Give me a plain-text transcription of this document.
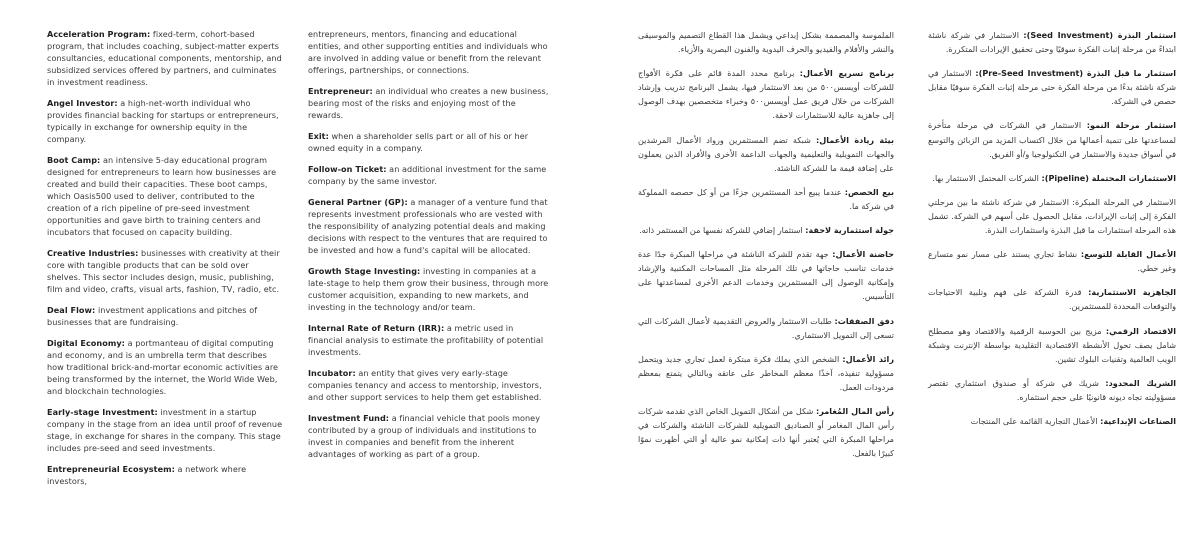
Acceleration Program: fixed-term, cohort-based program, that includes coaching, subject-matter experts consultancies, educational components, mentorship, and subsidized services offered by partners, and culminates in investment readiness.

Angel Investor: a high-net-worth individual who provides financial backing for startups or entrepreneurs, typically in exchange for ownership equity in the company.

Boot Camp: an intensive 5-day educational program designed for entrepreneurs to learn how businesses are created and build their capacities. These boot camps, which Oasis500 used to deliver, contributed to the creation of a rich pipeline of pre-seed investment opportunities and gave birth to training centers and incubators that focused on capacity building.

Creative Industries: businesses with creativity at their core with tangible products that can be sold over shelves. This sector includes design, music, publishing, film and video, crafts, visual arts, fashion, TV, radio, etc.

Deal Flow: investment applications and pitches of businesses that are fundraising.

Digital Economy: a portmanteau of digital computing and economy, and is an umbrella term that describes how traditional brick-and-mortar economic activities are being transformed by the internet, the World Wide Web, and blockchain technologies.

Early-stage Investment: investment in a startup company in the stage from an idea until proof of revenue stage, in exchange for shares in the company. This stage includes pre-seed and seed investments.

Entrepreneurial Ecosystem: a network where investors,

entrepreneurs, mentors, financing and educational entities, and other supporting entities and individuals who are involved in adding value or benefit from the relevant offerings, partnerships, or connections.

Entrepreneur: an individual who creates a new business, bearing most of the risks and enjoying most of the rewards.

Exit: when a shareholder sells part or all of his or her owned equity in a company.

Follow-on Ticket: an additional investment for the same company by the same investor.

General Partner (GP): a manager of a venture fund that represents investment professionals who are vested with the responsibility of analyzing potential deals and making decisions with respect to the ventures that are required to be invested and how a fund's capital will be allocated.

Growth Stage Investing: investing in companies at a late-stage to help them grow their business, through more customer acquisition, expanding to new markets, and investing in the technology and/or team.

Internal Rate of Return (IRR): a metric used in financial analysis to estimate the profitability of potential investments.

Incubator: an entity that gives very early-stage companies tenancy and access to mentorship, investors, and other support services to help them get established.

Investment Fund: a financial vehicle that pools money contributed by a group of individuals and institutions to invest in companies and benefit from the inherent advantages of working as part of a group.

الملموسة والمصممة بشكل إبداعي ويشمل هذا القطاع التصميم والموسيقى والنشر والأفلام والفيديو والحرف اليدوية والفنون البصرية والأزياء.

برنامج تسريع الأعمال: برنامج محدد المدة قائم على فكرة الأفواج للشركات أويسس٥٠٠ من بعد الاستثمار فيها، يشمل البرنامج تدريب وإرشاد الشركات من خلال فريق عمل أويسس٥٠٠ وخبراء متخصصين بهدف الوصول إلى جاهزية عالية للاستثمارات لاحقة.

بيئة ريادة الأعمال: شبكة تضم المستثمرين ورواد الأعمال المرشدين والجهات التمويلية والتعليمية والجهات الداعمة الأخرى والأفراد الذين يعملون على إضافة قيمة ما للشركة الناشئة.

بيع الحصص: عندما يبيع أحد المستثمرين جزءًا من أو كل حصصه المملوكة في شركة ما.

جولة استثمارية لاحقة: استثمار إضافي للشركة نفسها من المستثمر ذاته.

حاضنة الأعمال: جهة تقدم للشركة الناشئة في مراحلها المبكرة جدًا عدة خدمات تناسب حاجاتها في تلك المرحلة مثل المساحات المكتبية والإرشاد وإمكانية الوصول إلى المستثمرين وخدمات الدعم الأخرى لمساعدتها على التأسيس.

دفق الصفقات: طلبات الاستثمار والعروض التقديمية لأعمال الشركات التي تسعى إلى التمويل الاستثماري.

رائد الأعمال: الشخص الذي يملك فكرة مبتكرة لعمل تجاري جديد ويتحمل مسؤولية تنفيذه، آخذًا معظم المخاطر على عاتقه وبالتالي يتمتع بمعظم مردودات العمل.

رأس المال المُغامر: شكل من أشكال التمويل الخاص الذي تقدمه شركات رأس المال المغامر أو الصناديق التمويلية للشركات الناشئة والشركات في مراحلها المبكرة التي يُعتبر أنها ذات إمكانية نمو عالية أو التي أظهرت نموًا كبيرًا بالفعل.

استثمار البذرة (Seed Investment): الاستثمار في شركة ناشئة ابتداءً من مرحلة إثبات الفكرة سوقيًا وحتى تحقيق الإيرادات المتكررة.

استثمار ما قبل البذرة (Pre-Seed Investment): الاستثمار في شركة ناشئة بدءًا من مرحلة الفكرة حتى مرحلة إثبات الفكرة سوقيًا مقابل حصص في الشركة.

استثمار مرحلة النمو: الاستثمار في الشركات في مرحلة متأخرة لمساعدتها على تنمية أعمالها من خلال اكتساب المزيد من الزبائن والتوسع في أسواق جديدة والاستثمار في التكنولوجيا و/أو الفريق.

الاستثمارات المحتملة (Pipeline): الشركات المحتمل الاستثمار بها.

الاستثمار في المرحلة المبكرة: الاستثمار في شركة ناشئة ما بين مرحلتي الفكرة إلى إثبات الإيرادات، مقابل الحصول على أسهم في الشركة. تشمل هذه المرحلة استثمارات ما قبل البذرة واستثمارات البذرة.

الأعمال القابلة للتوسع: نشاط تجاري يستند على مسار نمو متسارع وغير خطي.

الجاهزية الاستثمارية: قدرة الشركة على فهم وتلبية الاحتياجات والتوقعات المحددة للمستثمرين.

الاقتصاد الرقمي: مزيج بين الحوسبة الرقمية والاقتصاد وهو مصطلح شامل يصف تحول الأنشطة الاقتصادية التقليدية بواسطة الإنترنت وشبكة الويب العالمية وتقنيات البلوك تشين.

الشريك المحدود: شريك في شركة أو صندوق استثماري تقتصر مسؤوليته تجاه ديونه قانونيًا على حجم استثماره.

الصناعات الإبداعية: الأعمال التجارية القائمة على المنتجات
